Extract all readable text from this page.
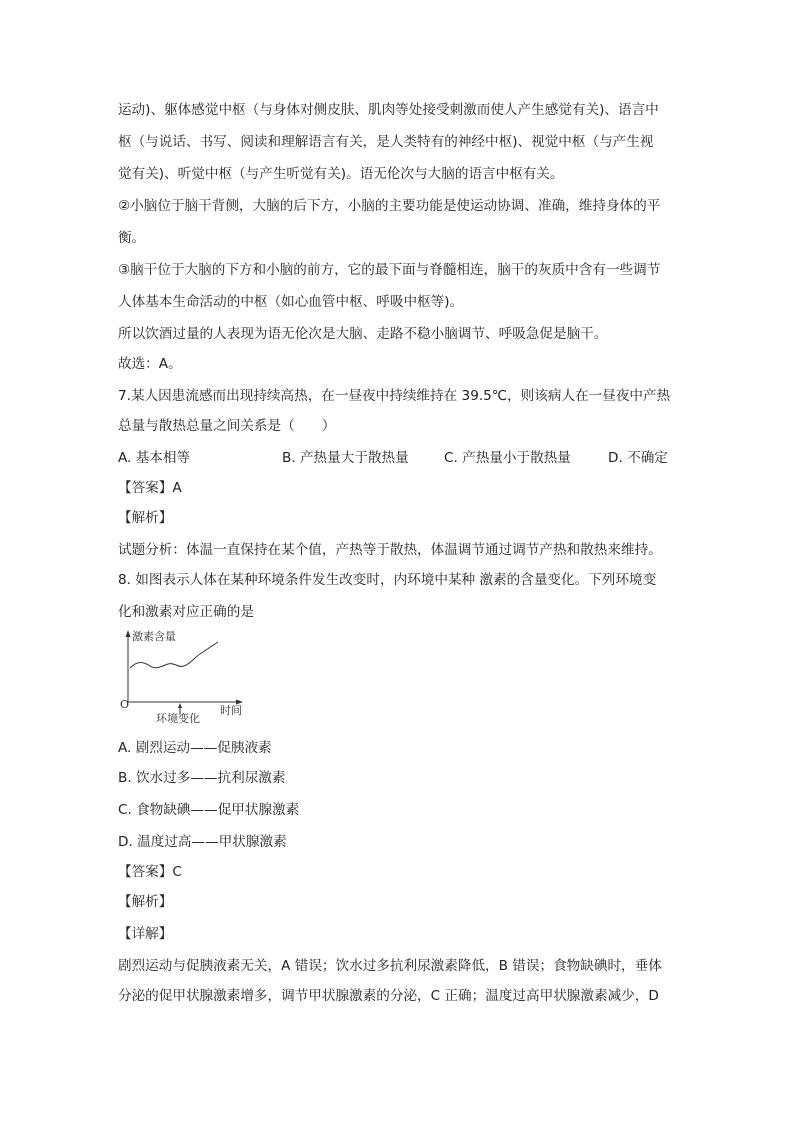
运动)、躯体感觉中枢（与身体对侧皮肤、肌肉等处接受刺激而使人产生感觉有关)、语言中
枢（与说话、书写、阅读和理解语言有关，是人类特有的神经中枢)、视觉中枢（与产生视
觉有关)、听觉中枢（与产生听觉有关)。语无伦次与大脑的语言中枢有关。
②小脑位于脑干背侧，大脑的后下方，小脑的主要功能是使运动协调、准确，维持身体的平
衡。
③脑干位于大脑的下方和小脑的前方，它的最下面与脊髓相连，脑干的灰质中含有一些调节
人体基本生命活动的中枢（如心血管中枢、呼吸中枢等)。
所以饮酒过量的人表现为语无伦次是大脑、走路不稳小脑调节、呼吸急促是脑干。
故选：A。
7.某人因患流感而出现持续高热，在一昼夜中持续维持在 39.5℃，则该病人在一昼夜中产热
总量与散热总量之间关系是（　　）
A. 基本相等	B. 产热量大于散热量	C. 产热量小于散热量	D. 不确定
【答案】A
【解析】
试题分析：体温一直保持在某个值，产热等于散热，体温调节通过调节产热和散热来维持。
8. 如图表示人体在某种环境条件发生改变时，内环境中某种 激素的含量变化。下列环境变
化和激素对应正确的是
激素含量
O	时间
环境变化
A. 剧烈运动——促胰液素
B. 饮水过多——抗利尿激素
C. 食物缺碘——促甲状腺激素
D. 温度过高——甲状腺激素
【答案】C
【解析】
【详解】
剧烈运动与促胰液素无关，A 错误；饮水过多抗利尿激素降低，B 错误；食物缺碘时，垂体
分泌的促甲状腺激素增多，调节甲状腺激素的分泌，C 正确；温度过高甲状腺激素减少，D
